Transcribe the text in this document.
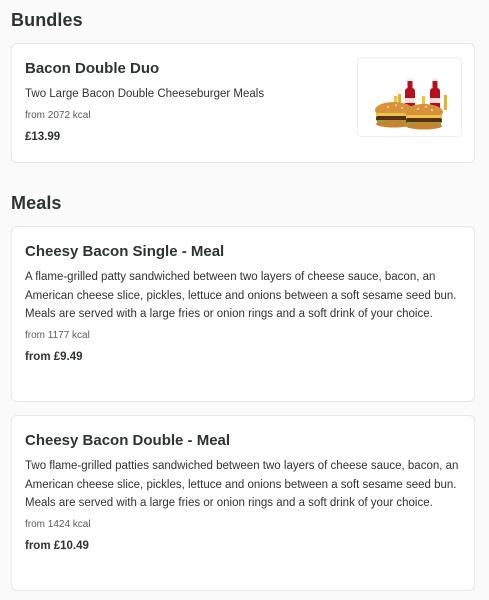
Bundles

Bacon Double Duo

Two Large Bacon Double Cheeseburger Meals

from 2072 kcal

£13.99

Meals

Cheesy Bacon Single - Meal

A flame-grilled patty sandwiched between two layers of cheese sauce, bacon, an American cheese slice, pickles, lettuce and onions between a soft sesame seed bun. Meals are served with a large fries or onion rings and a soft drink of your choice.

from 1177 kcal

from £9.49

Cheesy Bacon Double - Meal

Two flame-grilled patties sandwiched between two layers of cheese sauce, bacon, an American cheese slice, pickles, lettuce and onions between a soft sesame seed bun. Meals are served with a large fries or onion rings and a soft drink of your choice.

from 1424 kcal

from £10.49
